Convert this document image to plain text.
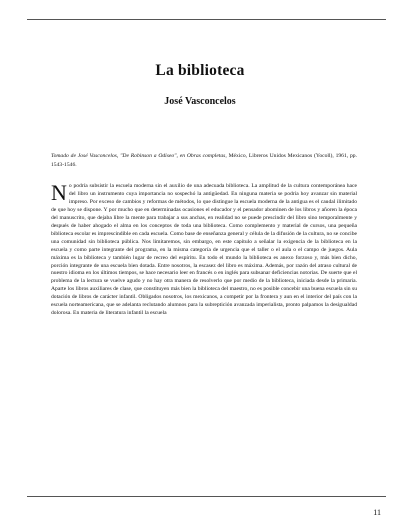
La biblioteca
José Vasconcelos
Tomado de José Vasconcelos, "De Robinson a Odiseo", en Obras completas, México, Libreros Unidos Mexicanos (Yocoll), 1961, pp. 1543-1546.
No podría subsistir la escuela moderna sin el auxilio de una adecuada biblioteca. La amplitud de la cultura contemporánea hace del libro un instrumento cuya importancia no sospechó la antigüedad. En ninguna materia se podría hoy avanzar sin material impreso. Por exceso de cambios y reformas de métodos, lo que distingue la escuela moderna de la antigua es el caudal ilimitado de que hoy se dispone. Y por mucho que en determinadas ocasiones el educador y el pensador abominen de los libros y añoren la época del manuscrito, que dejaba libre la mente para trabajar a sus anchas, en realidad no se puede prescindir del libro sino temporalmente y después de haber ahogado el alma en los conceptos de toda una biblioteca. Como complemento y material de cursos, una pequeña biblioteca escolar es imprescindible en cada escuela. Como base de enseñanza general y célula de la difusión de la cultura, no se concibe una comunidad sin biblioteca pública. Nos limitaremos, sin embargo, en este capítulo a señalar la exigencia de la biblioteca en la escuela y como parte integrante del programa, en la misma categoría de urgencia que el taller o el aula o el campo de juegos. Aula máxima es la biblioteca y también lugar de recreo del espíritu. En todo el mundo la biblioteca es anexo forzoso y, más bien dicho, porción integrante de una escuela bien dotada. Entre nosotros, la escasez del libro es máxima. Además, por razón del atraso cultural de nuestro idioma en los últimos tiempos, se hace necesario leer en francés o en inglés para subsanar deficiencias notorias. De suerte que el problema de la lectura se vuelve agudo y no hay otra manera de resolverlo que por medio de la biblioteca, iniciada desde la primaria. Aparte los libros auxiliares de clase, que constituyen más bien la biblioteca del maestro, no es posible concebir una buena escuela sin su dotación de libros de carácter infantil. Obligados nosotros, los mexicanos, a competir por la frontera y aun en el interior del país con la escuela norteamericana, que se adelanta reclutando alumnos para la subreptición avanzada imperialista, pronto palpamos la desigualdad dolorosa. En materia de literatura infantil la escuela
11
